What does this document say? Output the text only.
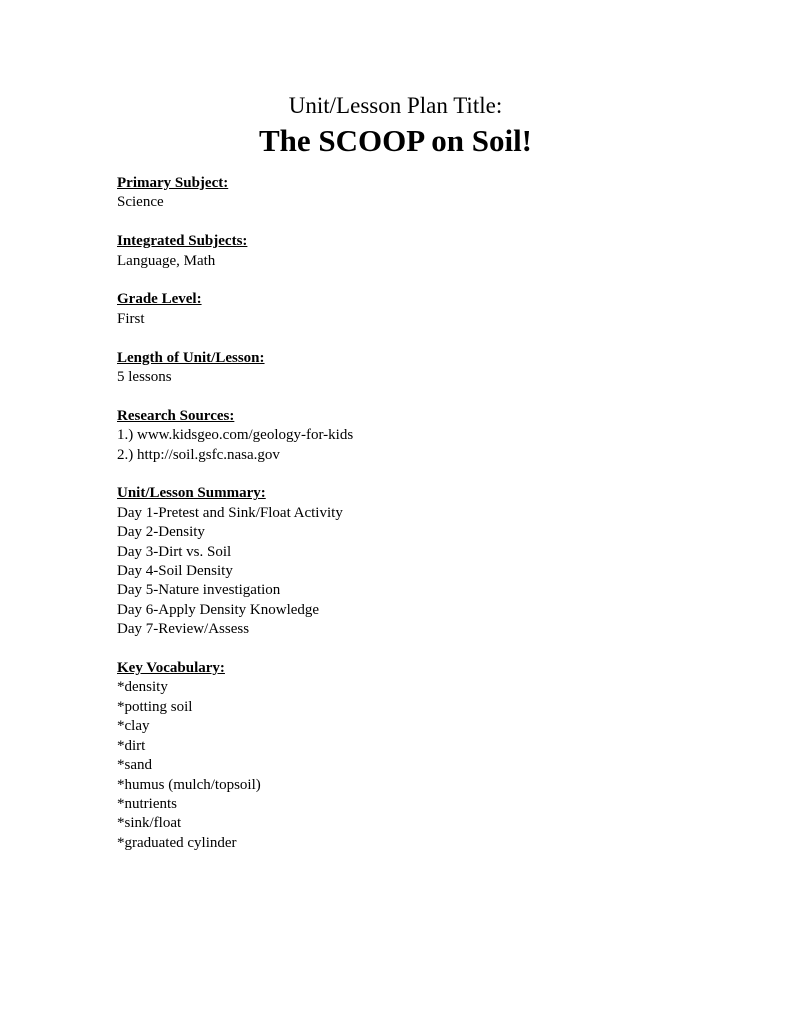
Unit/Lesson Plan Title:

The SCOOP on Soil!

Primary Subject:
Science
Integrated Subjects:
Language, Math
Grade Level:
First
Length of Unit/Lesson:
5 lessons
Research Sources:
1.) www.kidsgeo.com/geology-for-kids
2.) http://soil.gsfc.nasa.gov
Unit/Lesson Summary:
Day 1-Pretest and Sink/Float Activity
Day 2-Density
Day 3-Dirt vs. Soil
Day 4-Soil Density
Day 5-Nature investigation
Day 6-Apply Density Knowledge
Day 7-Review/Assess
Key Vocabulary:
*density
*potting soil
*clay
*dirt
*sand
*humus (mulch/topsoil)
*nutrients
*sink/float
*graduated cylinder
